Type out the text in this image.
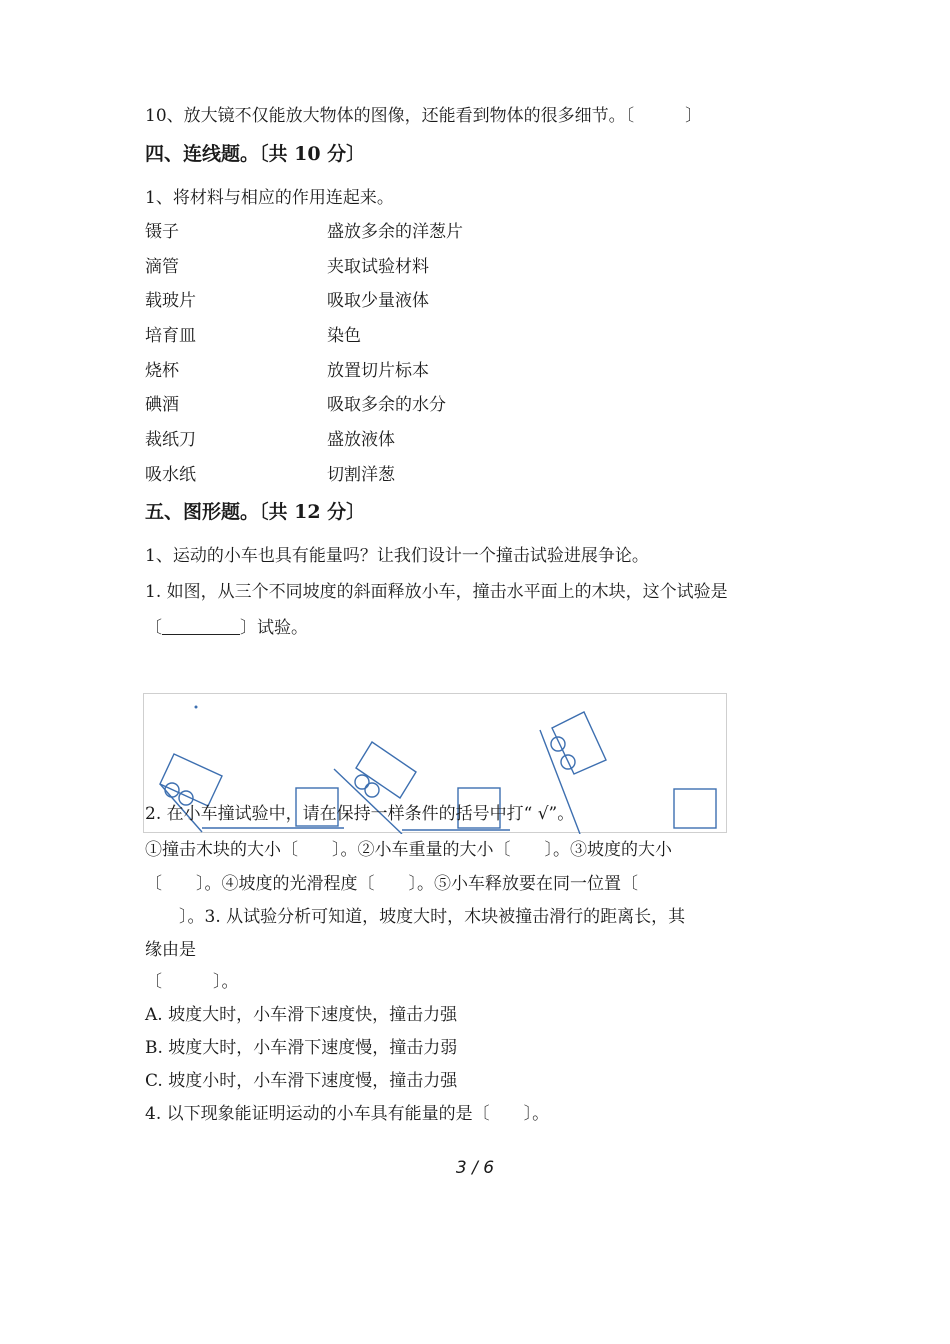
10、放大镜不仅能放大物体的图像，还能看到物体的很多细节。〔　　　〕
四、连线题。〔共 10 分〕
1、将材料与相应的作用连起来。
镊子	盛放多余的洋葱片
滴管	夹取试验材料
载玻片	吸取少量液体
培育皿	染色
烧杯	放置切片标本
碘酒	吸取多余的水分
裁纸刀	盛放液体
吸水纸	切割洋葱
五、图形题。〔共 12 分〕
1、运动的小车也具有能量吗？让我们设计一个撞击试验进展争论。
1. 如图，从三个不同坡度的斜面释放小车，撞击水平面上的木块，这个试验是
〔	〕试验。
2. 在小车撞试验中，请在保持一样条件的括号中打“ √”。
①撞击木块的大小〔　　〕。②小车重量的大小〔　　〕。③坡度的大小
〔　　〕。④坡度的光滑程度〔　　〕。⑤小车释放要在同一位置〔
　　〕。3. 从试验分析可知道，坡度大时，木块被撞击滑行的距离长，其
缘由是
〔　　　〕。
A. 坡度大时，小车滑下速度快，撞击力强
B. 坡度大时，小车滑下速度慢，撞击力弱
C. 坡度小时，小车滑下速度慢，撞击力强
4. 以下现象能证明运动的小车具有能量的是〔　　〕。
3 / 6
